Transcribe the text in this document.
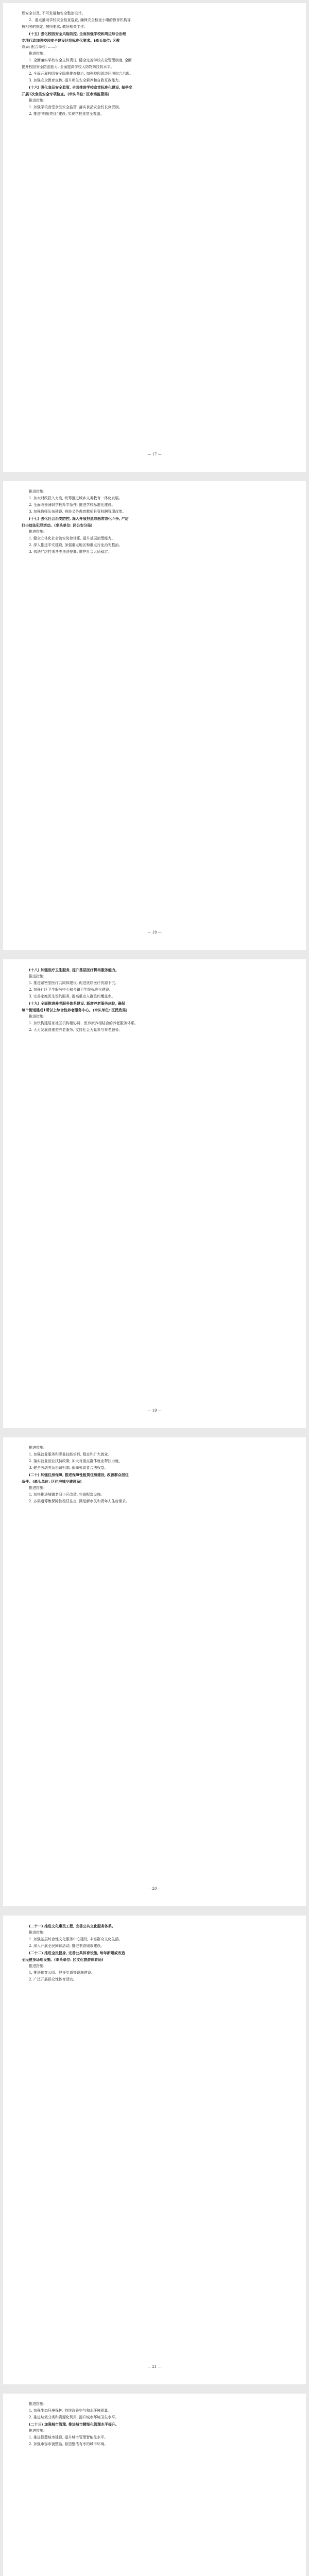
理安全以及, 不可发展和安全整治设计。

2、重点推动学校安全检查巡查, 确保安全检查小组的教育机构等

按相关的规定, 按照要求, 做好相关工作。

(十五) 强化校园安全风险防控, 全面加强学校和周边综合治理

专项行动加强校园安全建设达到标准化要求。(牵头单位: 区教

育局; 配合单位: ……)

推进措施:

1. 全面落实学校安全主体责任, 健全完善学校安全管理制度, 全面

提升校园安全防范能力, 全面提高学校人防物防技防水平。

2. 全面开展校园安全隐患排查整治, 加强校园周边环境综合治理。

3. 加强安全教育宣传, 提升师生安全素养和自救互救能力。

(十六) 强化食品安全监管, 全面推进学校食堂标准化建设, 每季度

开展1次食品安全专项检查。(牵头单位: 区市场监管局)

推进措施:

1. 加强学校食堂食品安全监管, 落实食品安全校长负责制。

2. 推进"明厨亮灶"建设, 实现学校食堂全覆盖。

— 17 —

推进措施:

1. 加大财政投入力度, 统筹推进城乡义务教育一体化发展。

2. 全面改善薄弱学校办学条件, 推进学校标准化建设。

3. 加强教师队伍建设, 推进义务教育教师县管校聘管理改革。

(十七) 强化社会治安防控, 深入开展扫黑除恶常态化斗争, 严厉

打击违法犯罪活动。(牵头单位: 区公安分局)

推进措施:

1. 健全立体化社会治安防控体系, 提升基层治理能力。

2. 深入推进平安建设, 加强重点地区和重点行业治安整治。

3. 依法严厉打击各类违法犯罪, 维护社会大局稳定。

— 18 —

(十八) 加强医疗卫生服务, 提升基层医疗机构服务能力。

推进措施:

1. 推进紧密型医疗共同体建设, 促进优质医疗资源下沉。

2. 加强社区卫生服务中心和乡镇卫生院标准化建设。

3. 完善家庭医生签约服务, 提高重点人群签约覆盖率。

(十九) 全面推进养老服务体系建设, 新增养老服务床位, 确保

每个街道建成1所以上综合性养老服务中心。(牵头单位: 区民政局)

推进措施:

1. 加快构建居家社区机构相协调、医养康养相结合的养老服务体系。

2. 大力发展普惠型养老服务, 支持社会力量参与养老服务。

— 19 —

推进措施:

1. 加强就业服务和职业技能培训, 稳定和扩大就业。

2. 落实就业创业扶持政策, 加大对重点群体就业帮扶力度。

3. 健全劳动关系协调机制, 保障劳动者合法权益。

(二十) 加强住房保障, 推进保障性租赁住房建设, 改善群众居住

条件。(牵头单位: 区住房城乡建设局)

推进措施:

1. 加快推进城镇老旧小区改造, 完善配套设施。

2. 多渠道筹集保障性租赁住房, 满足新市民和青年人住房需求。

— 20 —

(二十一) 推进文化惠民工程, 完善公共文化服务体系。

推进措施:

1. 加强基层综合性文化服务中心建设, 丰富群众文化生活。

2. 深入开展全民阅读活动, 推进书香城市建设。

(二十二) 推进全民健身, 完善公共体育设施, 每年新建或改造

全民健身场地设施。(牵头单位: 区文化旅游体育局)

推进措施:

1. 推进体育公园、健身步道等设施建设。

2. 广泛开展群众性体育活动。

— 21 —

推进措施:

1. 加强生态环境保护, 持续改善空气和水环境质量。

2. 推进垃圾分类和资源化利用, 提升城市环境卫生水平。

(二十三) 加强城市管理, 推进城市精细化管理水平提升。

推进措施:

1. 推进智慧城市建设, 提升城市管理智能化水平。

2. 加强市容市貌整治, 营造整洁有序的城市环境。
